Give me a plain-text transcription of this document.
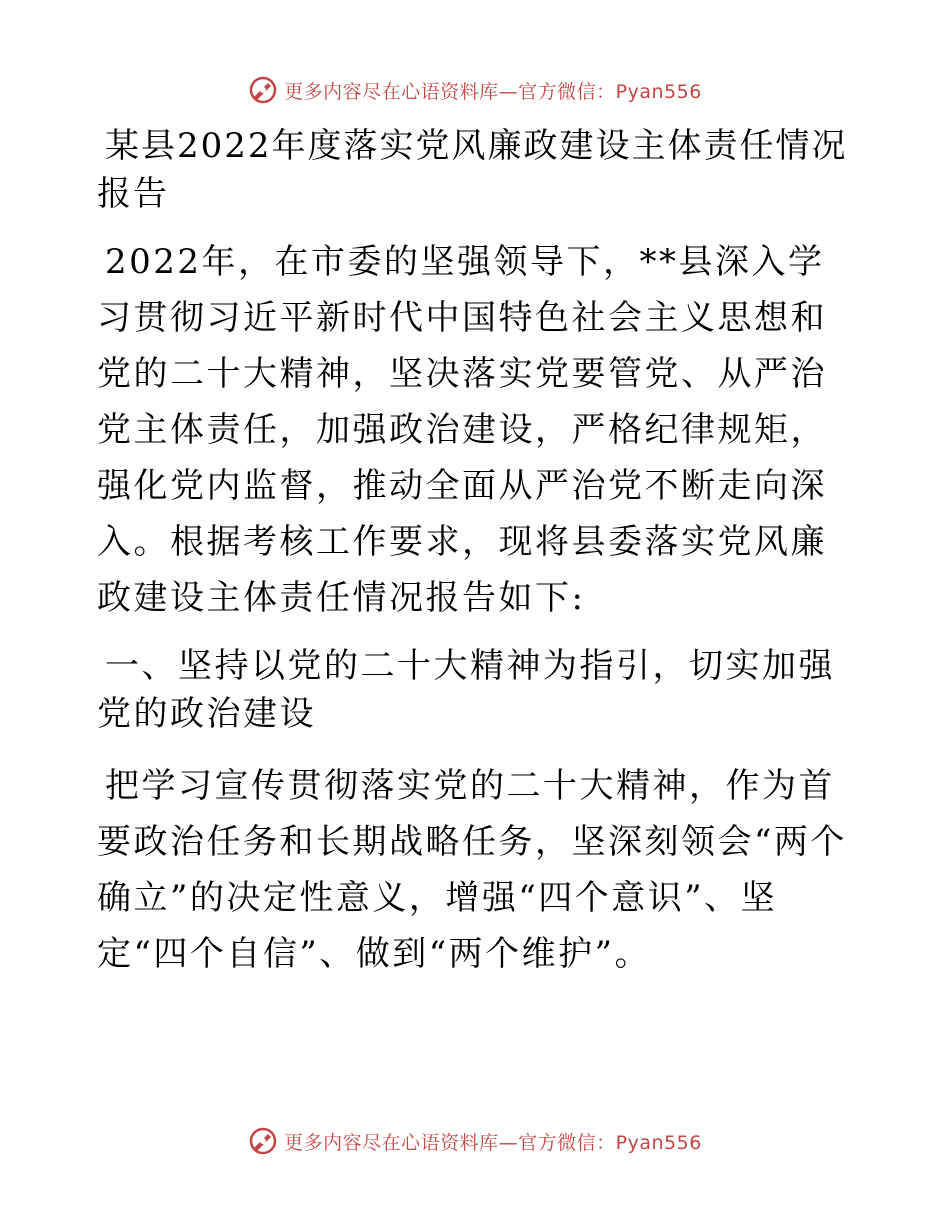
更多内容尽在心语资料库—官方微信：Pyan556
某县2022年度落实党风廉政建设主体责任情况报告

2022年，在市委的坚强领导下，**县深入学习贯彻习近平新时代中国特色社会主义思想和党的二十大精神，坚决落实党要管党、从严治党主体责任，加强政治建设，严格纪律规矩，强化党内监督，推动全面从严治党不断走向深入。根据考核工作要求，现将县委落实党风廉政建设主体责任情况报告如下:

一、坚持以党的二十大精神为指引，切实加强党的政治建设

把学习宣传贯彻落实党的二十大精神，作为首要政治任务和长期战略任务，坚深刻领会“两个确立”的决定性意义，增强“四个意识”、坚定“四个自信”、做到“两个维护”。

更多内容尽在心语资料库—官方微信：Pyan556
